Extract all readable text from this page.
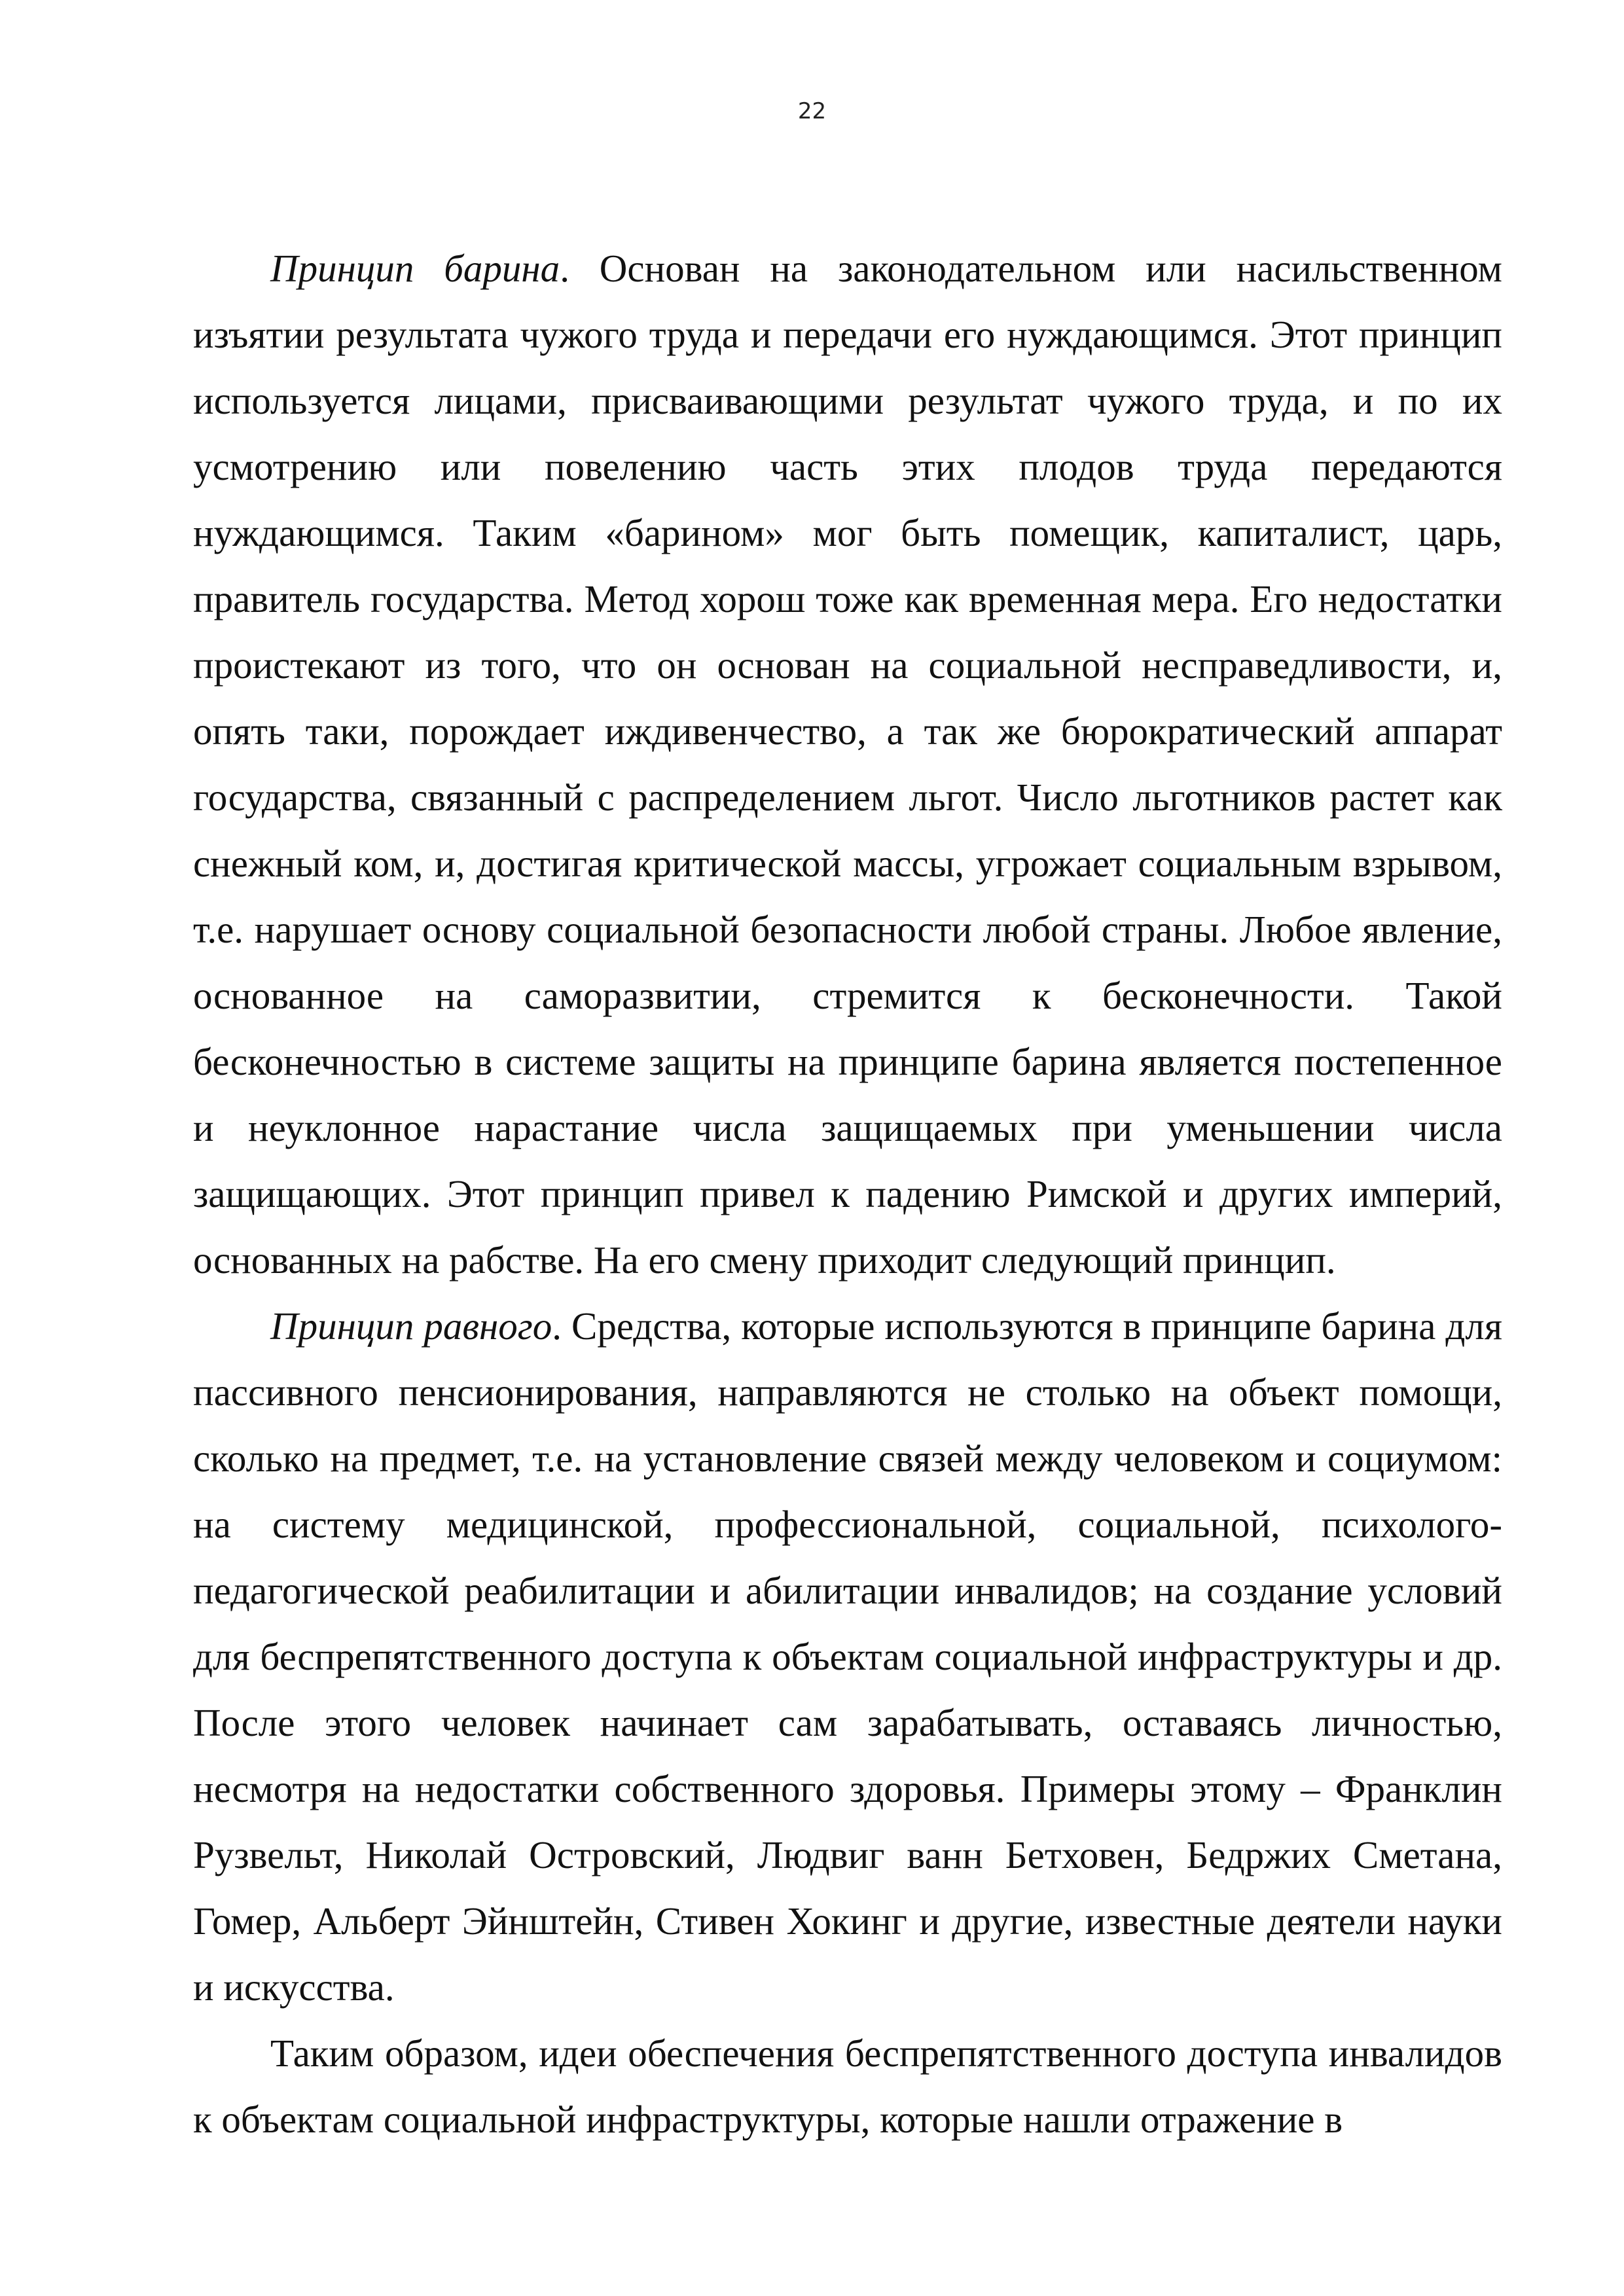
22

Принцип барина. Основан на законодательном или насильственном изъятии результата чужого труда и передачи его нуждающимся. Этот принцип используется лицами, присваивающими результат чужого труда, и по их усмотрению или повелению часть этих плодов труда передаются нуждающимся. Таким «барином» мог быть помещик, капиталист, царь, правитель государства. Метод хорош тоже как временная мера. Его недостатки проистекают из того, что он основан на социальной несправедливости, и, опять таки, порождает иждивенчество, а так же бюрократический аппарат государства, связанный с распределением льгот. Число льготников растет как снежный ком, и, достигая критической массы, угрожает социальным взрывом, т.е. нарушает основу социальной безопасности любой страны. Любое явление, основанное на саморазвитии, стремится к бесконечности. Такой бесконечностью в системе защиты на принципе барина является постепенное и неуклонное нарастание числа защищаемых при уменьшении числа защищающих. Этот принцип привел к падению Римской и других империй, основанных на рабстве. На его смену приходит следующий принцип.

Принцип равного. Средства, которые используются в принципе барина для пассивного пенсионирования, направляются не столько на объект помощи, сколько на предмет, т.е. на установление связей между человеком и социумом: на систему медицинской, профессиональной, социальной, психолого-педагогической реабилитации и абилитации инвалидов; на создание условий для беспрепятственного доступа к объектам социальной инфраструктуры и др. После этого человек начинает сам зарабатывать, оставаясь личностью, несмотря на недостатки собственного здоровья. Примеры этому – Франклин Рузвельт, Николай Островский, Людвиг ванн Бетховен, Бедржих Сметана, Гомер, Альберт Эйнштейн, Стивен Хокинг и другие, известные деятели науки и искусства.

Таким образом, идеи обеспечения беспрепятственного доступа инвалидов к объектам социальной инфраструктуры, которые нашли отражение в
